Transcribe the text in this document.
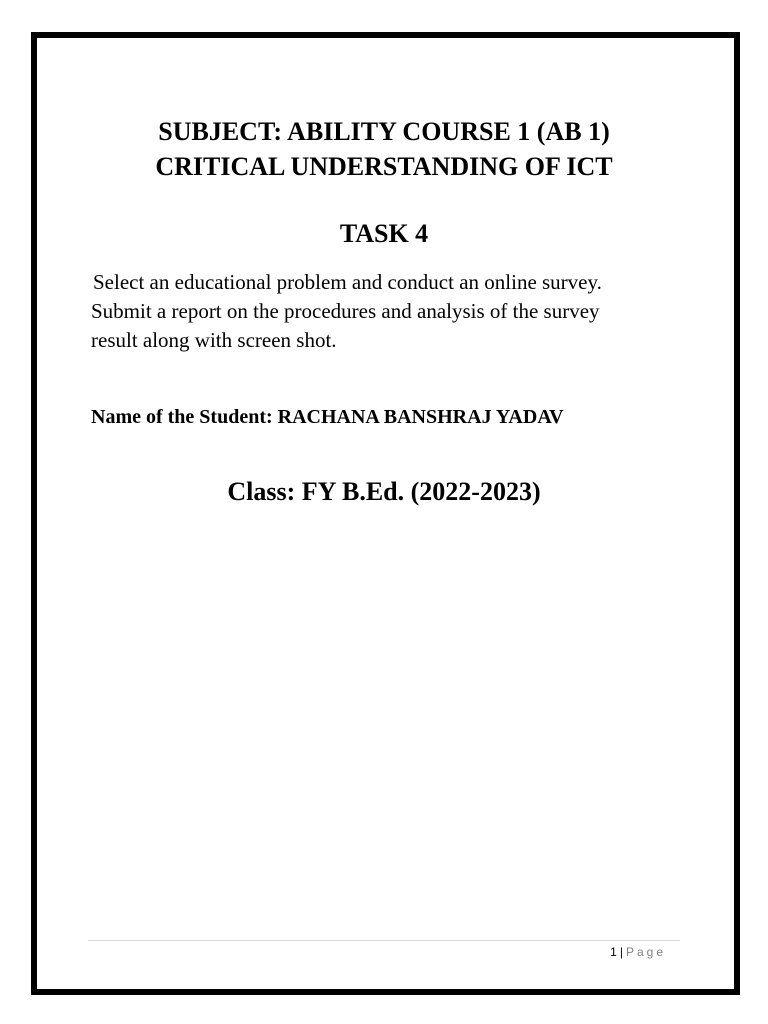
SUBJECT: ABILITY COURSE 1 (AB 1)
CRITICAL UNDERSTANDING OF ICT
TASK 4
Select an educational problem and conduct an online survey.
Submit a report on the procedures and analysis of the survey
result along with screen shot.
Name of the Student: RACHANA BANSHRAJ YADAV
Class: FY B.Ed. (2022-2023)
1 | Page
